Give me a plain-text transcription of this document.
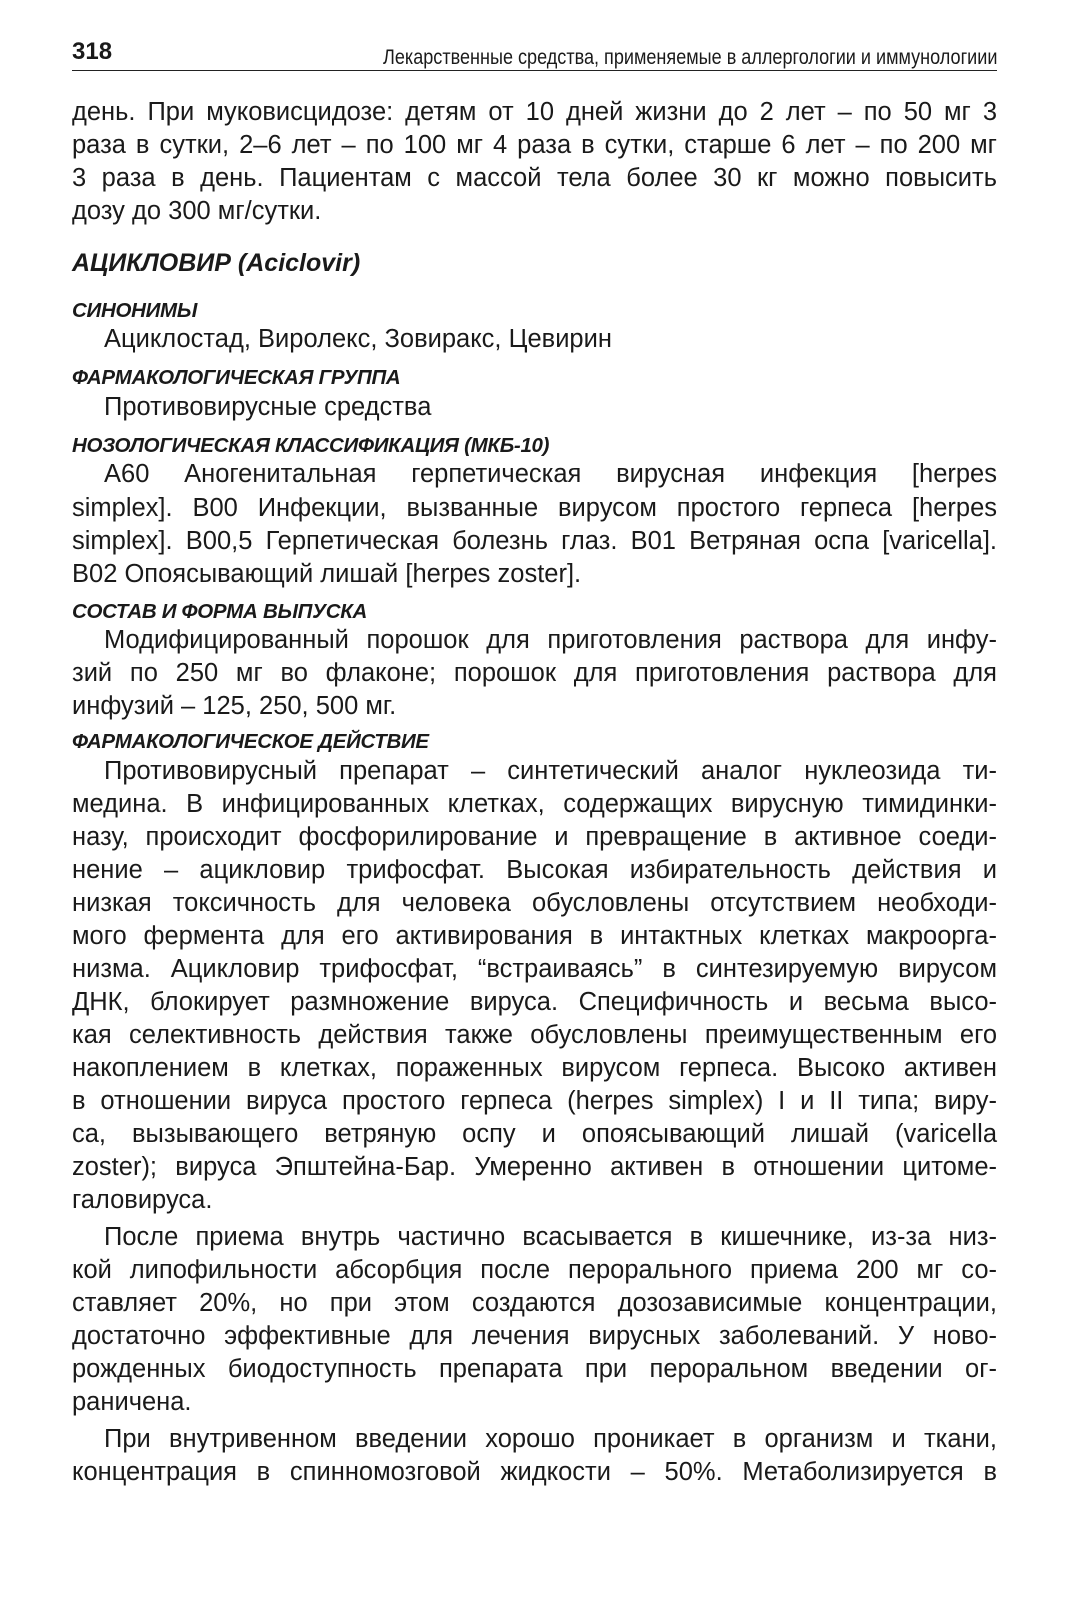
318	Лекарственные средства, применяемые в аллергологии и иммунологиии
день. При муковисцидозе: детям от 10 дней жизни до 2 лет – по 50 мг 3
раза в сутки, 2–6 лет – по 100 мг 4 раза в сутки, старше 6 лет – по 200 мг
3 раза в день. Пациентам с массой тела более 30 кг можно повысить
дозу до 300 мг/сутки.
АЦИКЛОВИР (Aciclovir)
СИНОНИМЫ
Ациклостад, Виролекс, Зовиракс, Цевирин
ФАРМАКОЛОГИЧЕСКАЯ ГРУППА
Противовирусные средства
НОЗОЛОГИЧЕСКАЯ КЛАССИФИКАЦИЯ (МКБ-10)
А60 Аногенитальная герпетическая вирусная инфекция [herpes
simplex]. В00 Инфекции, вызванные вирусом простого герпеса [herpes
simplex]. В00,5 Герпетическая болезнь глаз. В01 Ветряная оспа [varicella].
В02 Опоясывающий лишай [herpes zoster].
СОСТАВ И ФОРМА ВЫПУСКА
Модифицированный порошок для приготовления раствора для инфу-
зий по 250 мг во флаконе; порошок для приготовления раствора для
инфузий – 125, 250, 500 мг.
ФАРМАКОЛОГИЧЕСКОЕ ДЕЙСТВИЕ
Противовирусный препарат – синтетический аналог нуклеозида ти-
медина. В инфицированных клетках, содержащих вирусную тимидинки-
назу, происходит фосфорилирование и превращение в активное соеди-
нение – ацикловир трифосфат. Высокая избирательность действия и
низкая токсичность для человека обусловлены отсутствием необходи-
мого фермента для его активирования в интактных клетках макроорга-
низма. Ацикловир трифосфат, “встраиваясь” в синтезируемую вирусом
ДНК, блокирует размножение вируса. Специфичность и весьма высо-
кая селективность действия также обусловлены преимущественным его
накоплением в клетках, пораженных вирусом герпеса. Высоко активен
в отношении вируса простого герпеса (herpes simplex) I и II типа; виру-
са, вызывающего ветряную оспу и опоясывающий лишай (varicella
zoster); вируса Эпштейна-Бар. Умеренно активен в отношении цитоме-
галовируса.
После приема внутрь частично всасывается в кишечнике, из-за низ-
кой липофильности абсорбция после перорального приема 200 мг со-
ставляет 20%, но при этом создаются дозозависимые концентрации,
достаточно эффективные для лечения вирусных заболеваний. У ново-
рожденных биодоступность препарата при пероральном введении ог-
раничена.
При внутривенном введении хорошо проникает в организм и ткани,
концентрация в спинномозговой жидкости – 50%. Метаболизируется в
